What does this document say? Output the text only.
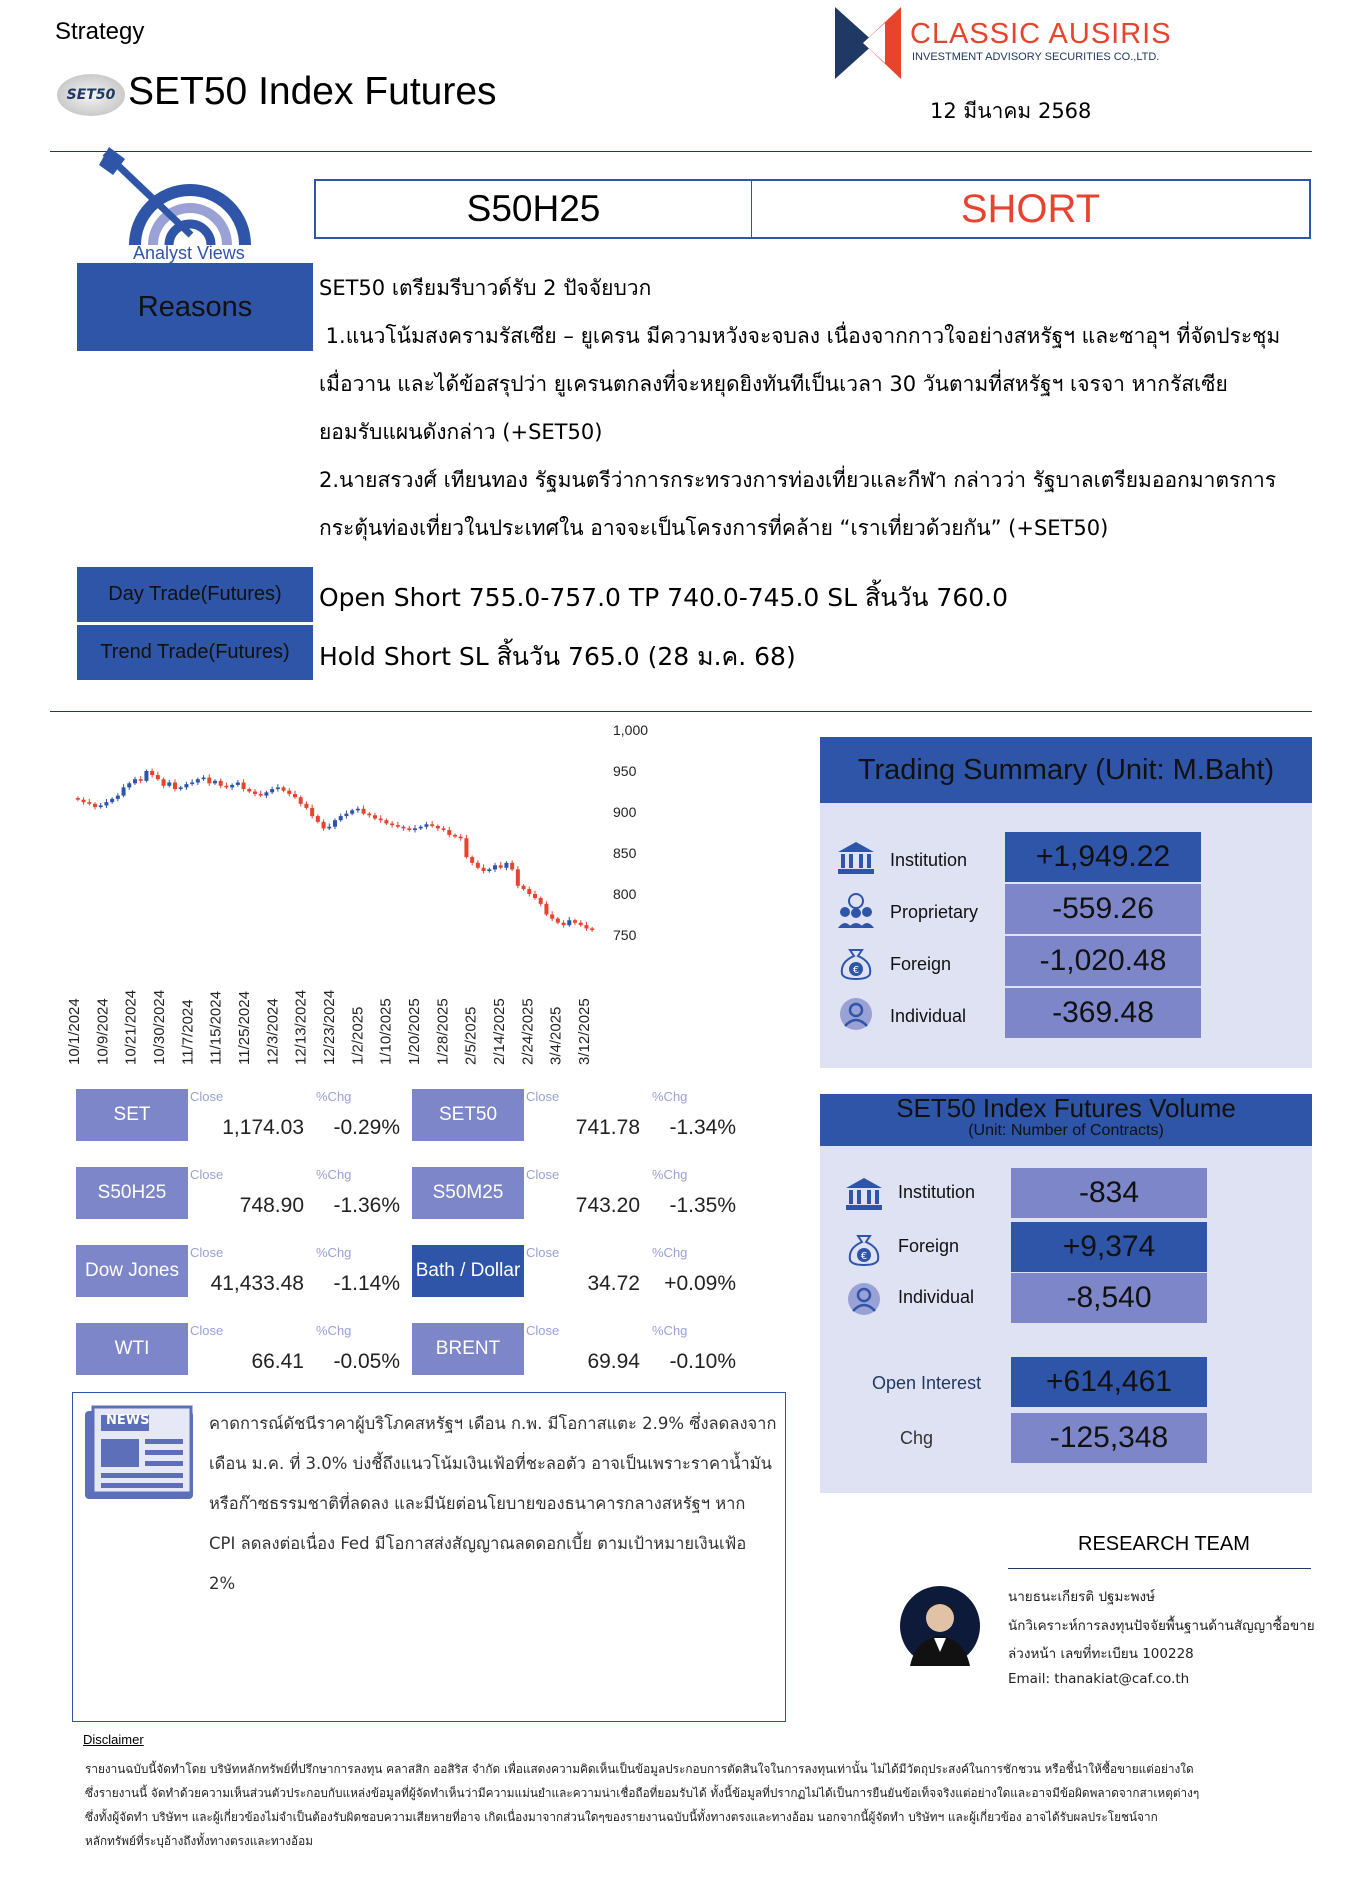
Strategy
SET50 SET50 Index Futures
CLASSIC AUSIRIS
INVESTMENT ADVISORY SECURITIES CO.,LTD.
12 มีนาคม 2568
Analyst Views
S50H25	SHORT
Reasons
SET50 เตรียมรีบาวด์รับ 2 ปัจจัยบวก
1.แนวโน้มสงครามรัสเซีย – ยูเครน มีความหวังจะจบลง เนื่องจากกาวใจอย่างสหรัฐฯ และซาอุฯ ที่จัดประชุม
เมื่อวาน และได้ข้อสรุปว่า ยูเครนตกลงที่จะหยุดยิงทันทีเป็นเวลา 30 วันตามที่สหรัฐฯ เจรจา หากรัสเซีย
ยอมรับแผนดังกล่าว (+SET50)
2.นายสรวงศ์ เทียนทอง รัฐมนตรีว่าการกระทรวงการท่องเที่ยวและกีฬา กล่าวว่า รัฐบาลเตรียมออกมาตรการ
กระตุ้นท่องเที่ยวในประเทศใน อาจจะเป็นโครงการที่คล้าย “เราเที่ยวด้วยกัน” (+SET50)
Day Trade(Futures)	Open Short 755.0-757.0 TP 740.0-745.0 SL สิ้นวัน 760.0
Trend Trade(Futures)	Hold Short SL สิ้นวัน 765.0 (28 ม.ค. 68)
1,000
950
900
850
800
750
10/1/2024 10/9/2024 10/21/2024 10/30/2024 11/7/2024 11/15/2024 11/25/2024 12/3/2024 12/13/2024 12/23/2024 1/2/2025 1/10/2025 1/20/2025 1/28/2025 2/5/2025 2/14/2025 2/24/2025 3/4/2025 3/12/2025
SET
Close	%Chg
1,174.03	-0.29%
SET50
Close	%Chg
741.78	-1.34%
S50H25
Close	%Chg
748.90	-1.36%
S50M25
Close	%Chg
743.20	-1.35%
Dow Jones
Close	%Chg
41,433.48	-1.14%
Bath / Dollar
Close	%Chg
34.72	+0.09%
WTI
Close	%Chg
66.41	-0.05%
BRENT
Close	%Chg
69.94	-0.10%
Trading Summary (Unit: M.Baht)
Institution	+1,949.22
Proprietary	-559.26
€ Foreign	-1,020.48
Individual	-369.48
SET50 Index Futures Volume
(Unit: Number of Contracts)
Institution	-834
€
Foreign	+9,374
Individual	-8,540
Open Interest	+614,461
Chg	-125,348
NEWS	คาดการณ์ดัชนีราคาผู้บริโภคสหรัฐฯ เดือน ก.พ. มีโอกาสแตะ 2.9% ซึ่งลดลงจาก
เดือน ม.ค. ที่ 3.0% บ่งชี้ถึงแนวโน้มเงินเฟ้อที่ชะลอตัว อาจเป็นเพราะราคาน้ำมัน
หรือก๊าซธรรมชาติที่ลดลง และมีนัยต่อนโยบายของธนาคารกลางสหรัฐฯ หาก
CPI ลดลงต่อเนื่อง Fed มีโอกาสส่งสัญญาณลดดอกเบี้ย ตามเป้าหมายเงินเฟ้อ
2%
RESEARCH TEAM
นายธนะเกียรติ ปฐมะพงษ์
นักวิเคราะห์การลงทุนปัจจัยพื้นฐานด้านสัญญาซื้อขาย
ล่วงหน้า เลขที่ทะเบียน 100228
Email: thanakiat@caf.co.th
Disclaimer
รายงานฉบับนี้จัดทำโดย บริษัทหลักทรัพย์ที่ปรึกษาการลงทุน คลาสสิก ออสิริส จำกัด เพื่อแสดงความคิดเห็นเป็นข้อมูลประกอบการตัดสินใจในการลงทุนเท่านั้น ไม่ได้มีวัตถุประสงค์ในการชักชวน หรือชี้นำให้ซื้อขายแต่อย่างใด
ซึ่งรายงานนี้ จัดทำด้วยความเห็นส่วนตัวประกอบกับแหล่งข้อมูลที่ผู้จัดทำเห็นว่ามีความแม่นยำและความน่าเชื่อถือที่ยอมรับได้ ทั้งนี้ข้อมูลที่ปรากฏไม่ได้เป็นการยืนยันข้อเท็จจริงแต่อย่างใดและอาจมีข้อผิดพลาดจากสาเหตุต่างๆ
ซึ่งทั้งผู้จัดทำ บริษัทฯ และผู้เกี่ยวข้องไม่จำเป็นต้องรับผิดชอบความเสียหายที่อาจ เกิดเนื่องมาจากส่วนใดๆของรายงานฉบับนี้ทั้งทางตรงและทางอ้อม นอกจากนี้ผู้จัดทำ บริษัทฯ และผู้เกี่ยวข้อง อาจได้รับผลประโยชน์จาก
หลักทรัพย์ที่ระบุอ้างถึงทั้งทางตรงและทางอ้อม
